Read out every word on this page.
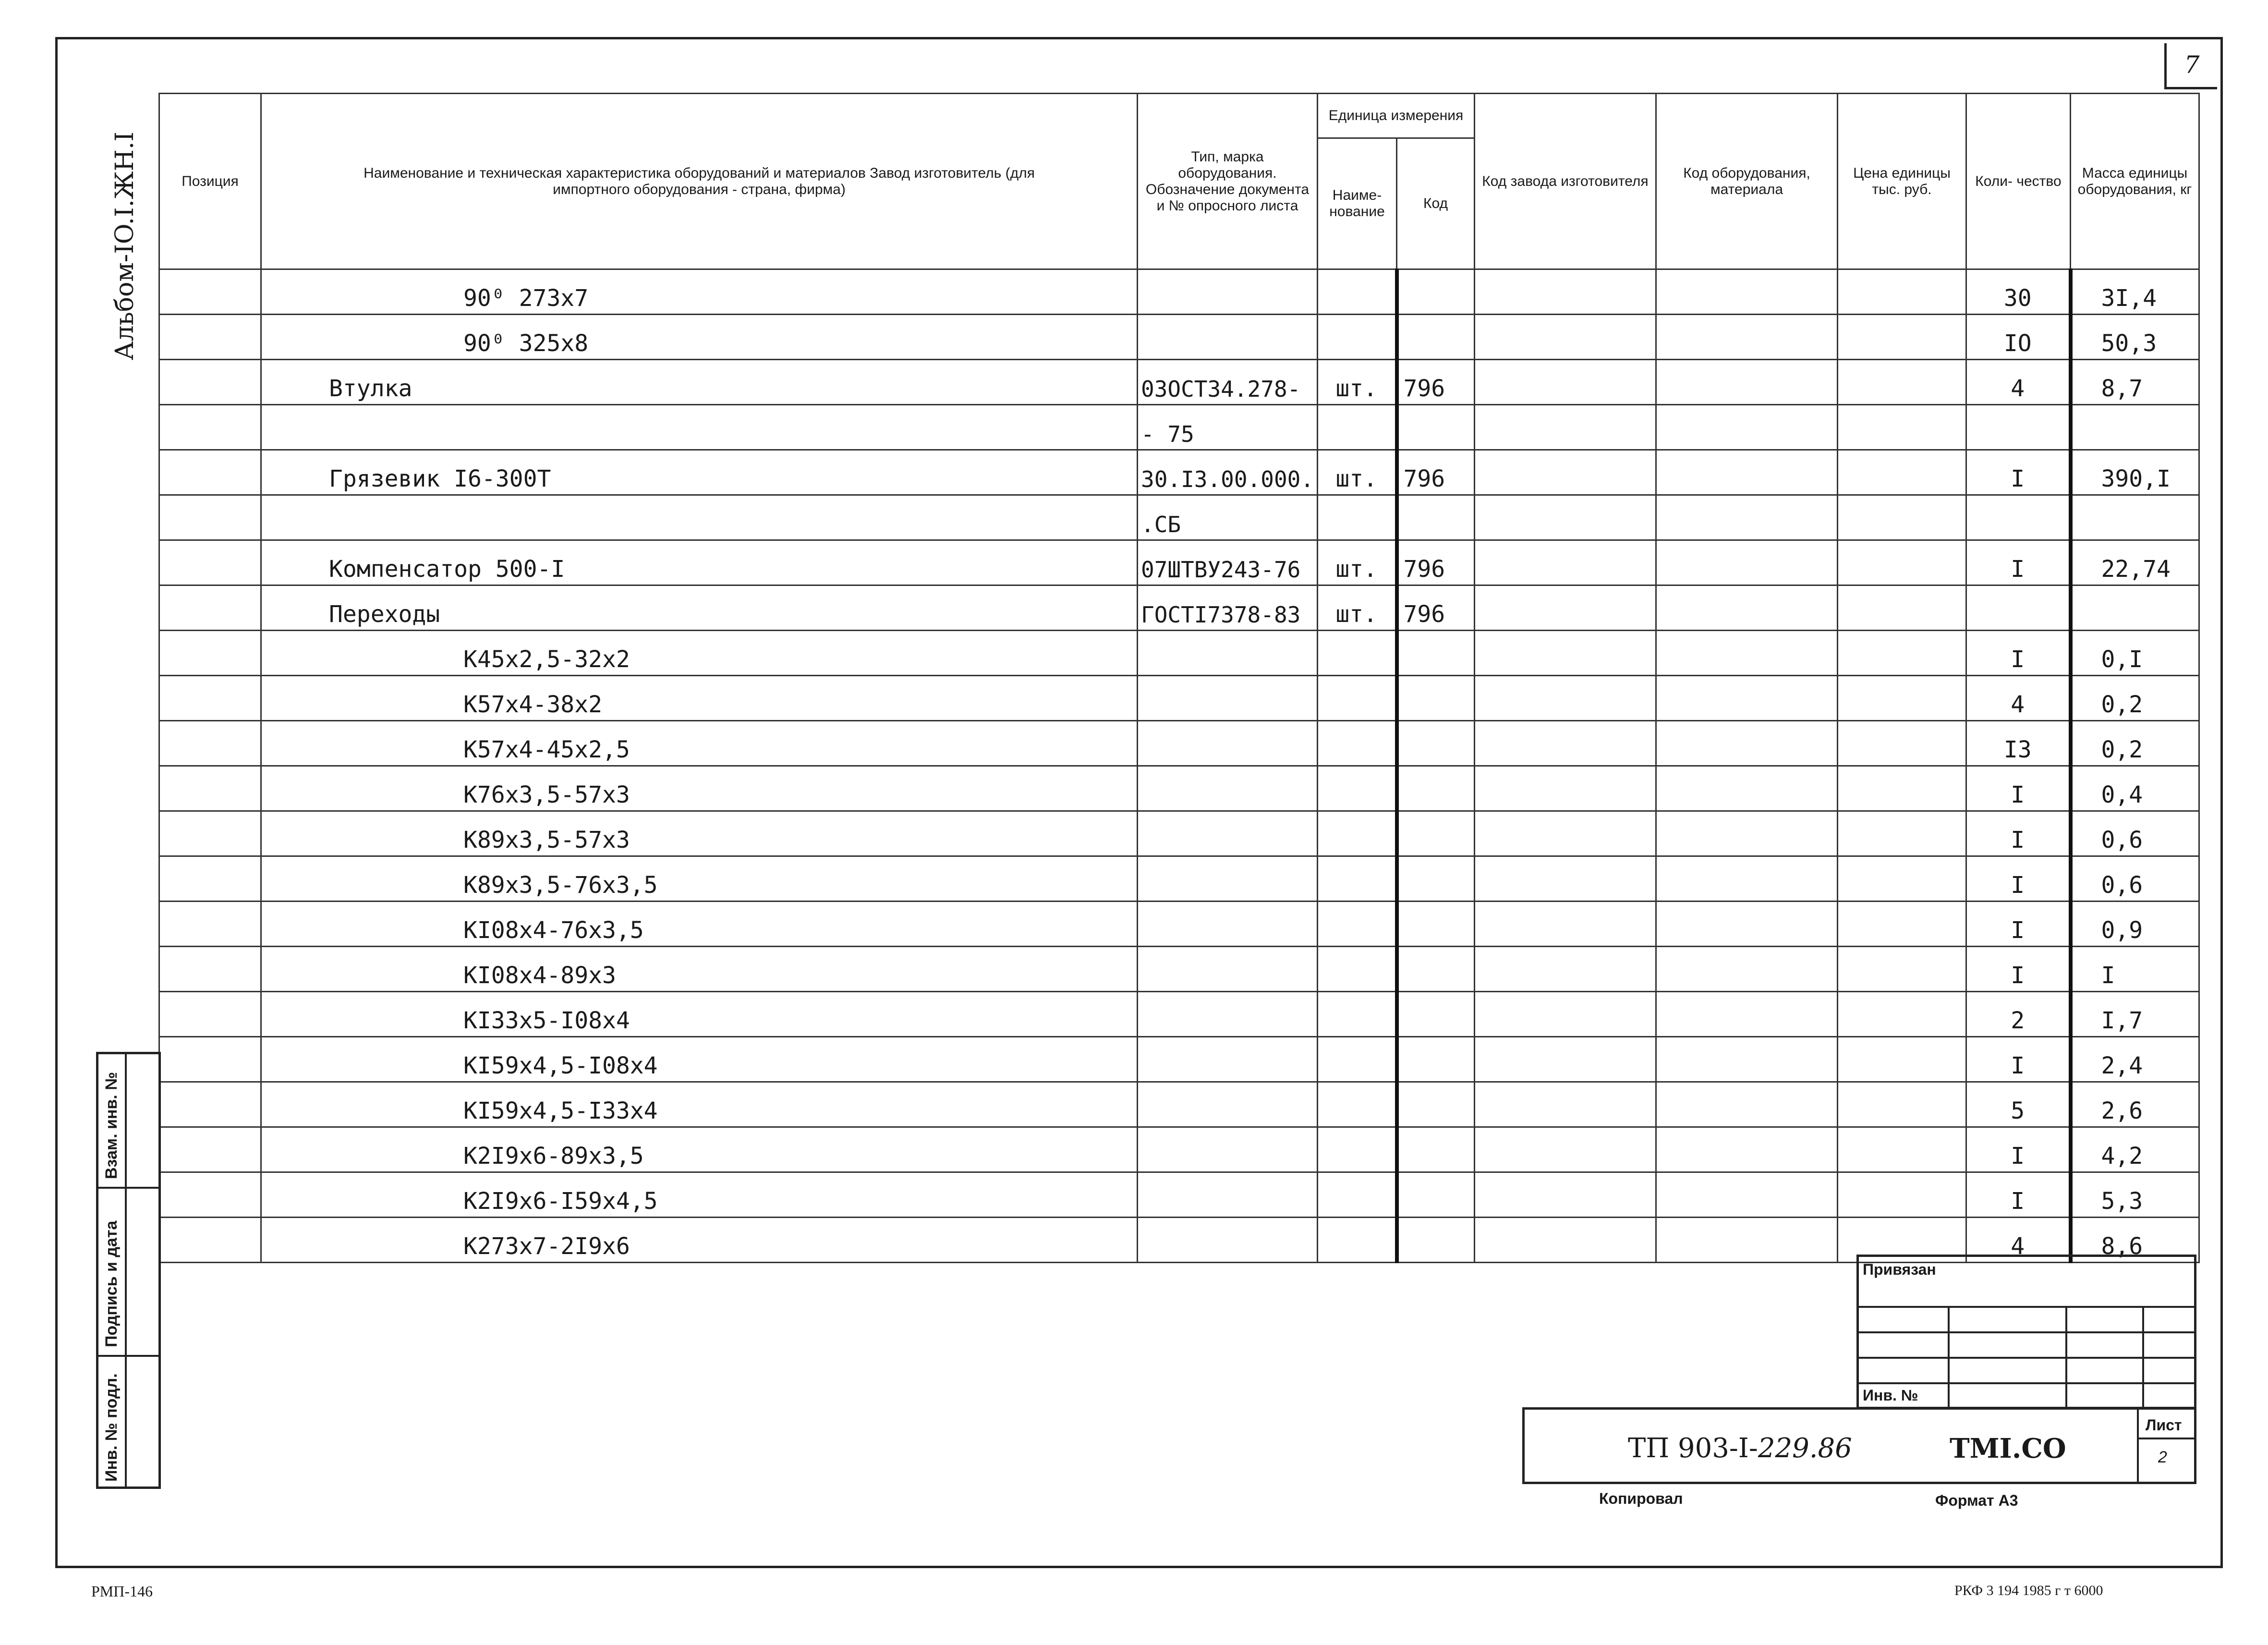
7
Альбом-IO.I.ЖН.I	Позиция	Наименование и техническая характеристика оборудований и материалов Завод изготовитель (для импортного оборудования - страна, фирма)	Тип, марка оборудования. Обозначение документа и № опросного листа	Единица измерения		Код завода изготовителя	Код оборудования, материала	Цена единицы тыс. руб.	Коли- чество	Масса единицы оборудования, кг
			Наиме- нование	Код					
	90⁰ 273x7							30	3I,4
	90⁰ 325x8							IO	50,3
	Втулка	03ОСТ34.278-	шт.	796				4	8,7
		- 75							
	Грязевик I6-300Т	30.I3.00.000.	шт.	796				I	390,I
		.СБ							
	Компенсатор 500-I	07ШТВУ243-76	шт.	796				I	22,74
	Переходы	ГОСТI7378-83	шт.	796					
	К45x2,5-32x2							I	0,I
	К57x4-38x2							4	0,2
	К57x4-45x2,5							I3	0,2
	К76x3,5-57x3							I	0,4
	К89x3,5-57x3							I	0,6
	К89x3,5-76x3,5							I	0,6
	КI08x4-76x3,5							I	0,9
	КI08x4-89x3							I	I
	КI33x5-I08x4							2	I,7
	КI59x4,5-I08x4							I	2,4
	КI59x4,5-I33x4							5	2,6
	К2I9x6-89x3,5							I	4,2
	К2I9x6-I59x4,5							I	5,3
	К273x7-2I9x6							4	8,6

Взам. инв. №
Подпись и дата
Инв. № подл.
Привязан
Инв. №
ТП 903-I-229.86	ТМI.СО
Лист
2
Копировал	Формат А3
РМП-146	РКФ 3 194 1985 г т 6000
